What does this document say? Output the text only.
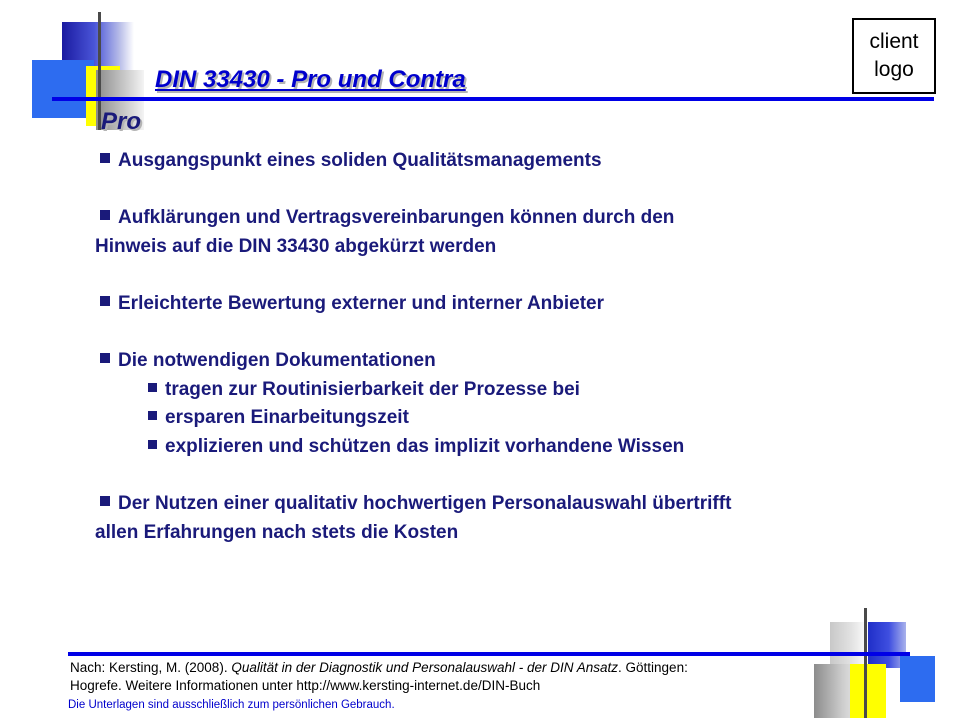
client
logo
DIN 33430 - Pro und Contra
Pro
Ausgangspunkt eines soliden Qualitätsmanagements
Aufklärungen und Vertragsvereinbarungen können durch den
Hinweis auf die DIN 33430 abgekürzt werden
Erleichterte Bewertung externer und interner Anbieter
Die notwendigen Dokumentationen
tragen zur Routinisierbarkeit der Prozesse bei
ersparen Einarbeitungszeit
explizieren und schützen das implizit vorhandene Wissen
Der Nutzen einer qualitativ hochwertigen Personalauswahl übertrifft
allen Erfahrungen nach stets die Kosten
Nach: Kersting, M. (2008). Qualität in der Diagnostik und Personalauswahl - der DIN Ansatz. Göttingen:
Hogrefe. Weitere Informationen unter http://www.kersting-internet.de/DIN-Buch
Die Unterlagen sind ausschließlich zum persönlichen Gebrauch.
